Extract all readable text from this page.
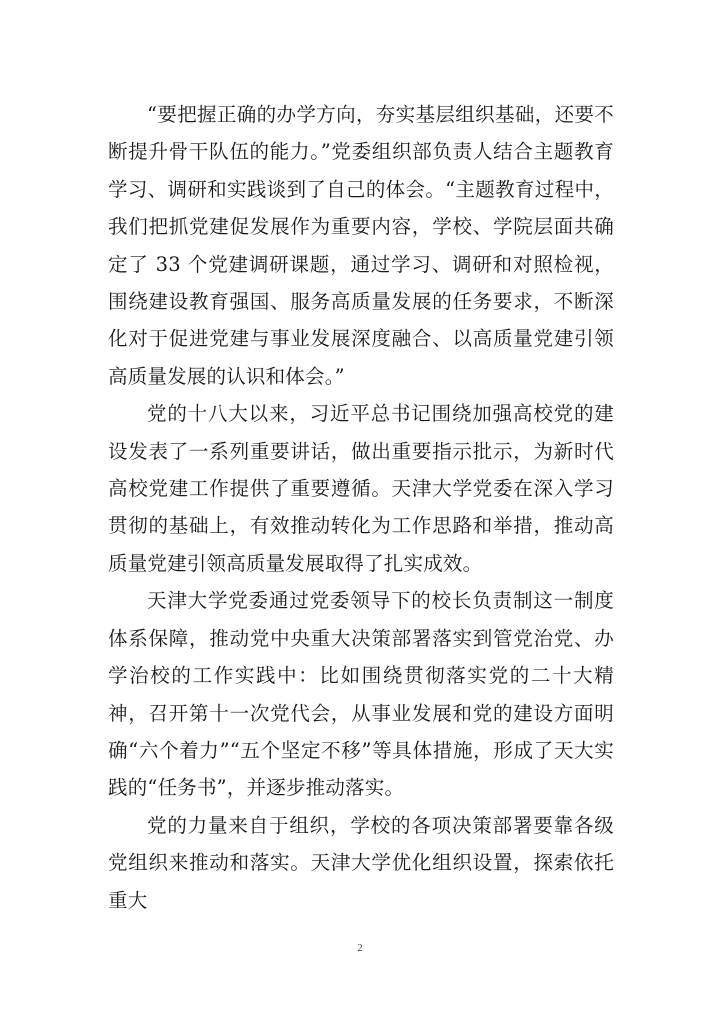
“要把握正确的办学方向，夯实基层组织基础，还要不断提升骨干队伍的能力。”党委组织部负责人结合主题教育学习、调研和实践谈到了自己的体会。“主题教育过程中，我们把抓党建促发展作为重要内容，学校、学院层面共确定了 33 个党建调研课题，通过学习、调研和对照检视，围绕建设教育强国、服务高质量发展的任务要求，不断深化对于促进党建与事业发展深度融合、以高质量党建引领高质量发展的认识和体会。”

党的十八大以来，习近平总书记围绕加强高校党的建设发表了一系列重要讲话，做出重要指示批示，为新时代高校党建工作提供了重要遵循。天津大学党委在深入学习贯彻的基础上，有效推动转化为工作思路和举措，推动高质量党建引领高质量发展取得了扎实成效。

天津大学党委通过党委领导下的校长负责制这一制度体系保障，推动党中央重大决策部署落实到管党治党、办学治校的工作实践中：比如围绕贯彻落实党的二十大精神，召开第十一次党代会，从事业发展和党的建设方面明确“六个着力”“五个坚定不移”等具体措施，形成了天大实践的“任务书”，并逐步推动落实。

党的力量来自于组织，学校的各项决策部署要靠各级党组织来推动和落实。天津大学优化组织设置，探索依托重大

2
